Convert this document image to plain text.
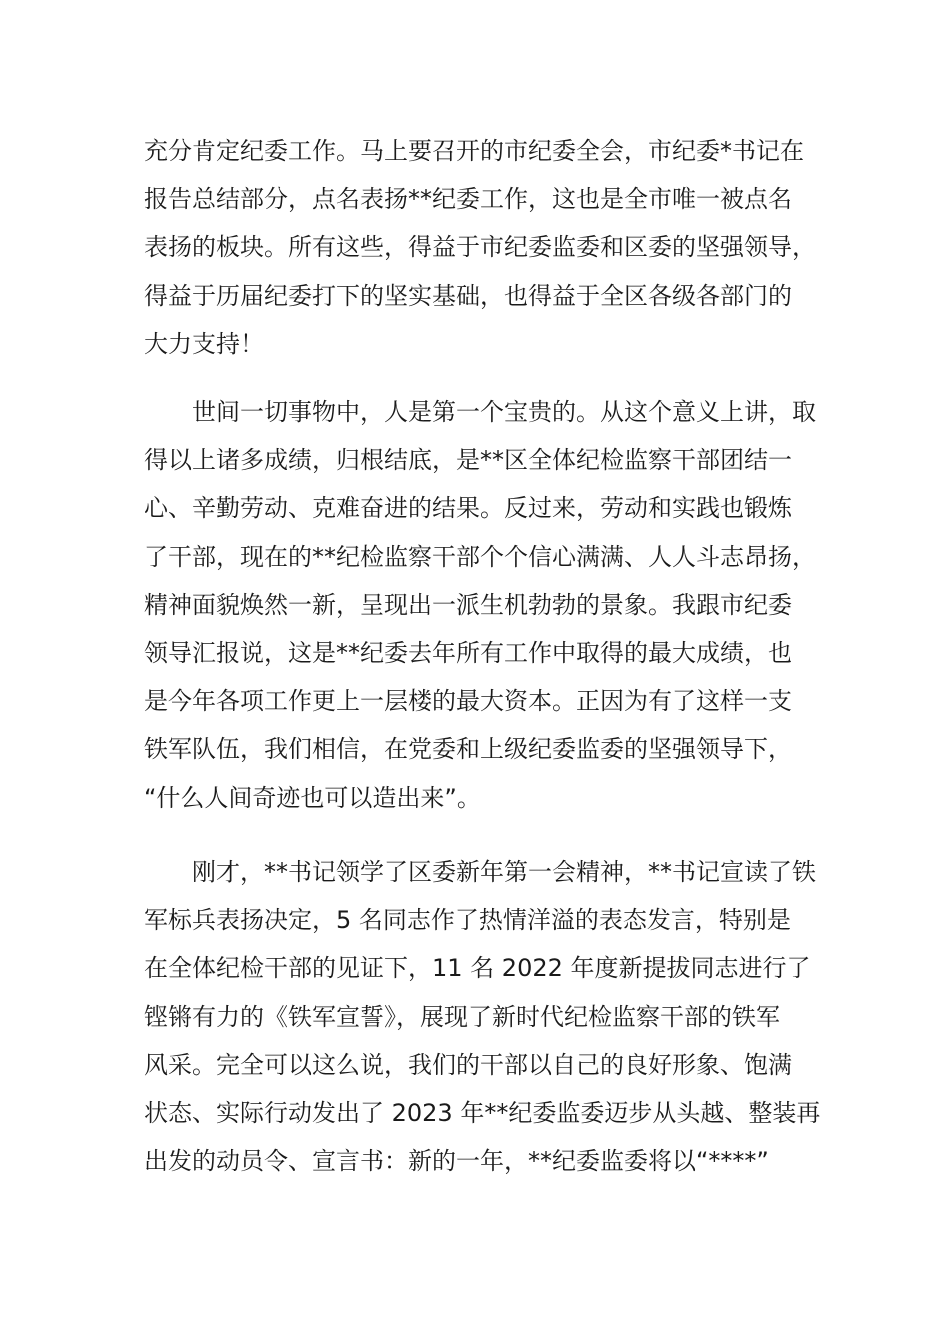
充分肯定纪委工作。马上要召开的市纪委全会，市纪委*书记在
报告总结部分，点名表扬**纪委工作，这也是全市唯一被点名
表扬的板块。所有这些，得益于市纪委监委和区委的坚强领导，
得益于历届纪委打下的坚实基础，也得益于全区各级各部门的
大力支持！
　　世间一切事物中，人是第一个宝贵的。从这个意义上讲，取
得以上诸多成绩，归根结底，是**区全体纪检监察干部团结一
心、辛勤劳动、克难奋进的结果。反过来，劳动和实践也锻炼
了干部，现在的**纪检监察干部个个信心满满、人人斗志昂扬，
精神面貌焕然一新，呈现出一派生机勃勃的景象。我跟市纪委
领导汇报说，这是**纪委去年所有工作中取得的最大成绩，也
是今年各项工作更上一层楼的最大资本。正因为有了这样一支
铁军队伍，我们相信，在党委和上级纪委监委的坚强领导下，
“什么人间奇迹也可以造出来”。
　　刚才，**书记领学了区委新年第一会精神，**书记宣读了铁
军标兵表扬决定，5 名同志作了热情洋溢的表态发言，特别是
在全体纪检干部的见证下，11 名 2022 年度新提拔同志进行了
铿锵有力的《铁军宣誓》，展现了新时代纪检监察干部的铁军
风采。完全可以这么说，我们的干部以自己的良好形象、饱满
状态、实际行动发出了 2023 年**纪委监委迈步从头越、整装再
出发的动员令、宣言书：新的一年，**纪委监委将以“****”
